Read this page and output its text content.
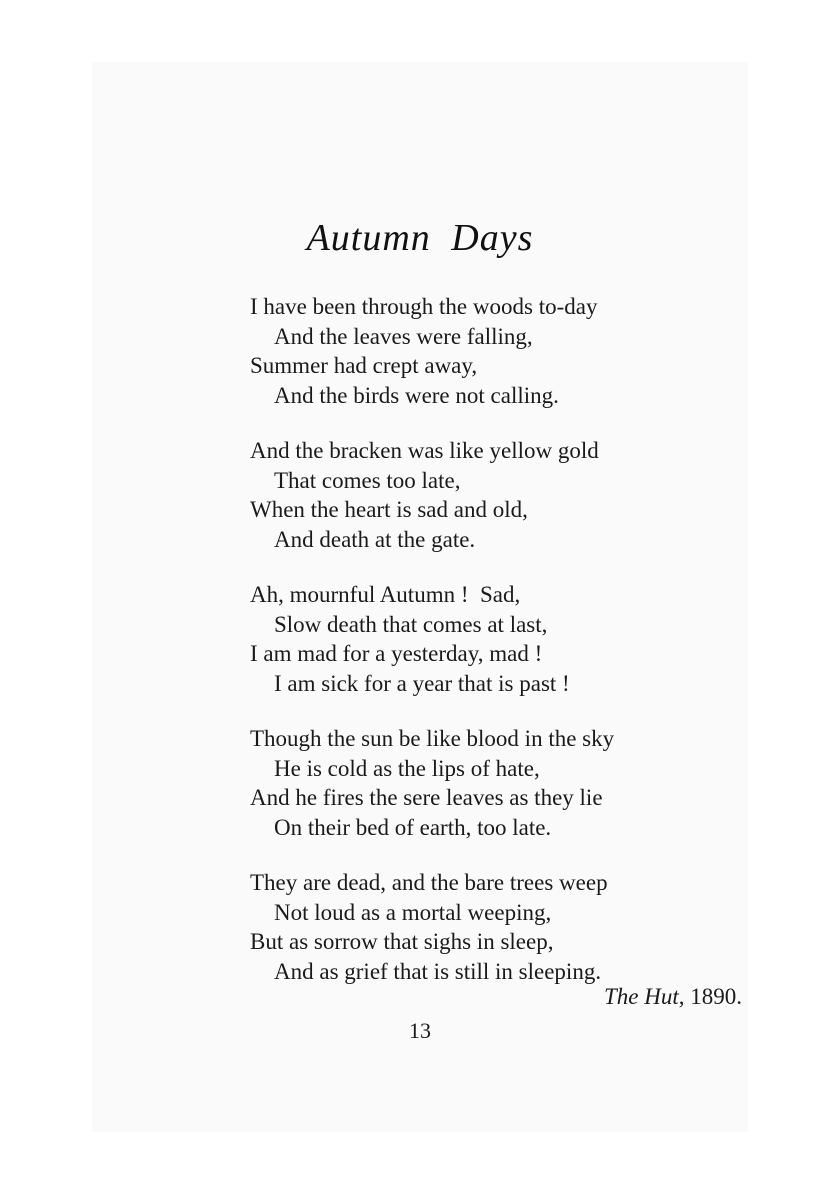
Autumn Days
I have been through the woods to-day
And the leaves were falling,
Summer had crept away,
And the birds were not calling.
And the bracken was like yellow gold
That comes too late,
When the heart is sad and old,
And death at the gate.
Ah, mournful Autumn !  Sad,
Slow death that comes at last,
I am mad for a yesterday, mad !
I am sick for a year that is past !
Though the sun be like blood in the sky
He is cold as the lips of hate,
And he fires the sere leaves as they lie
On their bed of earth, too late.
They are dead, and the bare trees weep
Not loud as a mortal weeping,
But as sorrow that sighs in sleep,
And as grief that is still in sleeping.
The Hut, 1890.
13
